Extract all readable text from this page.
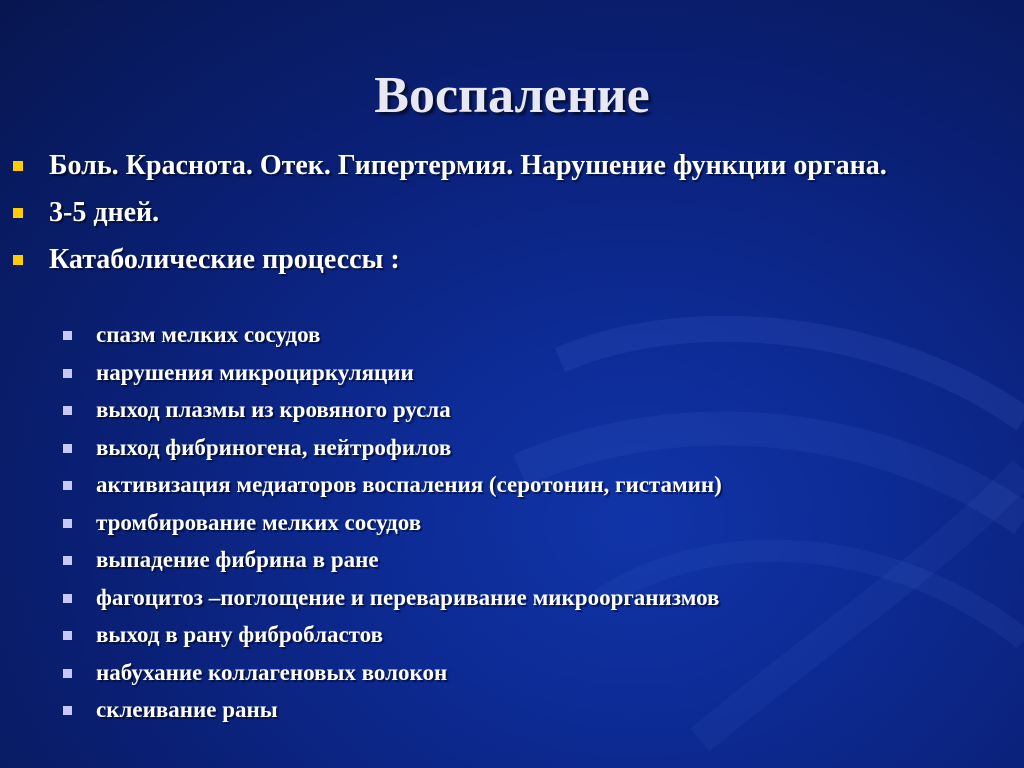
Воспаление
Боль. Краснота. Отек. Гипертермия. Нарушение функции органа.
3-5 дней.
Катаболические процессы :
спазм мелких сосудов
нарушения микроциркуляции
выход плазмы из кровяного русла
выход фибриногена, нейтрофилов
активизация медиаторов воспаления (серотонин, гистамин)
тромбирование мелких сосудов
выпадение фибрина в ране
фагоцитоз –поглощение и переваривание микроорганизмов
выход в рану фибробластов
набухание коллагеновых волокон
склеивание раны
